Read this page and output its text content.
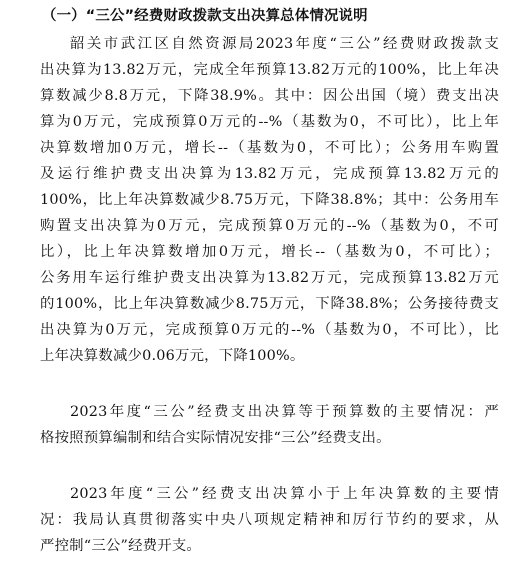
（一）“三公”经费财政拨款支出决算总体情况说明
韶关市武江区自然资源局2023年度“三公”经费财政拨款支
出决算为13.82万元，完成全年预算13.82万元的100%，比上年决
算数减少8.8万元，下降38.9%。其中：因公出国（境）费支出决
算为0万元，完成预算0万元的--%（基数为0，不可比），比上年
决算数增加0万元，增长--（基数为0，不可比）；公务用车购置
及运行维护费支出决算为13.82万元，完成预算13.82万元的
100%，比上年决算数减少8.75万元，下降38.8%；其中：公务用车
购置支出决算为0万元，完成预算0万元的--%（基数为0，不可
比），比上年决算数增加0万元，增长--（基数为0，不可比）；
公务用车运行维护费支出决算为13.82万元，完成预算13.82万元
的100%，比上年决算数减少8.75万元，下降38.8%；公务接待费支
出决算为0万元，完成预算0万元的--%（基数为0，不可比），比
上年决算数减少0.06万元，下降100%。
2023年度“三公”经费支出决算等于预算数的主要情况：严
格按照预算编制和结合实际情况安排“三公”经费支出。
2023年度“三公”经费支出决算小于上年决算数的主要情
况：我局认真贯彻落实中央八项规定精神和厉行节约的要求，从
严控制“三公”经费开支。
